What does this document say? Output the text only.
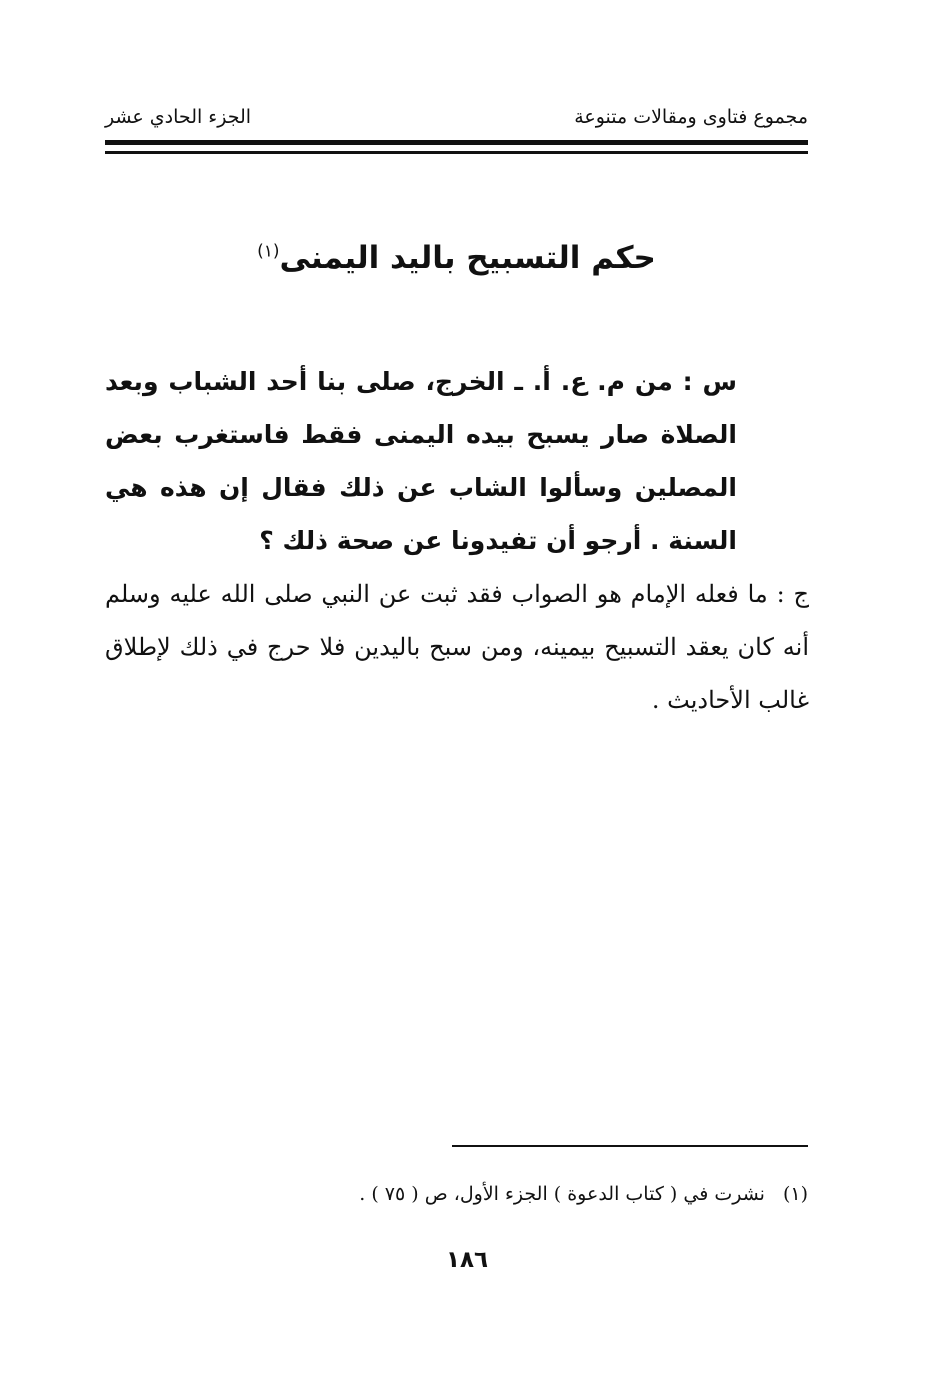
مجموع فتاوى ومقالات متنوعة
الجزء الحادي عشر
حكم التسبيح باليد اليمنى$^{(١)}$
س : من م. ع. أ. ـ الخرج، صلى بنا أحد الشباب وبعد الصلاة صار يسبح بيده اليمنى فقط فاستغرب بعض المصلين وسألوا الشاب عن ذلك فقال إن هذه هي السنة . أرجو أن تفيدونا عن صحة ذلك ؟
ج : ما فعله الإمام هو الصواب فقد ثبت عن النبي صلى الله عليه وسلم أنه كان يعقد التسبيح بيمينه، ومن سبح باليدين فلا حرج في ذلك لإطلاق غالب الأحاديث .
(١)نشرت في ( كتاب الدعوة ) الجزء الأول، ص ( ٧٥ ) .
١٨٦
